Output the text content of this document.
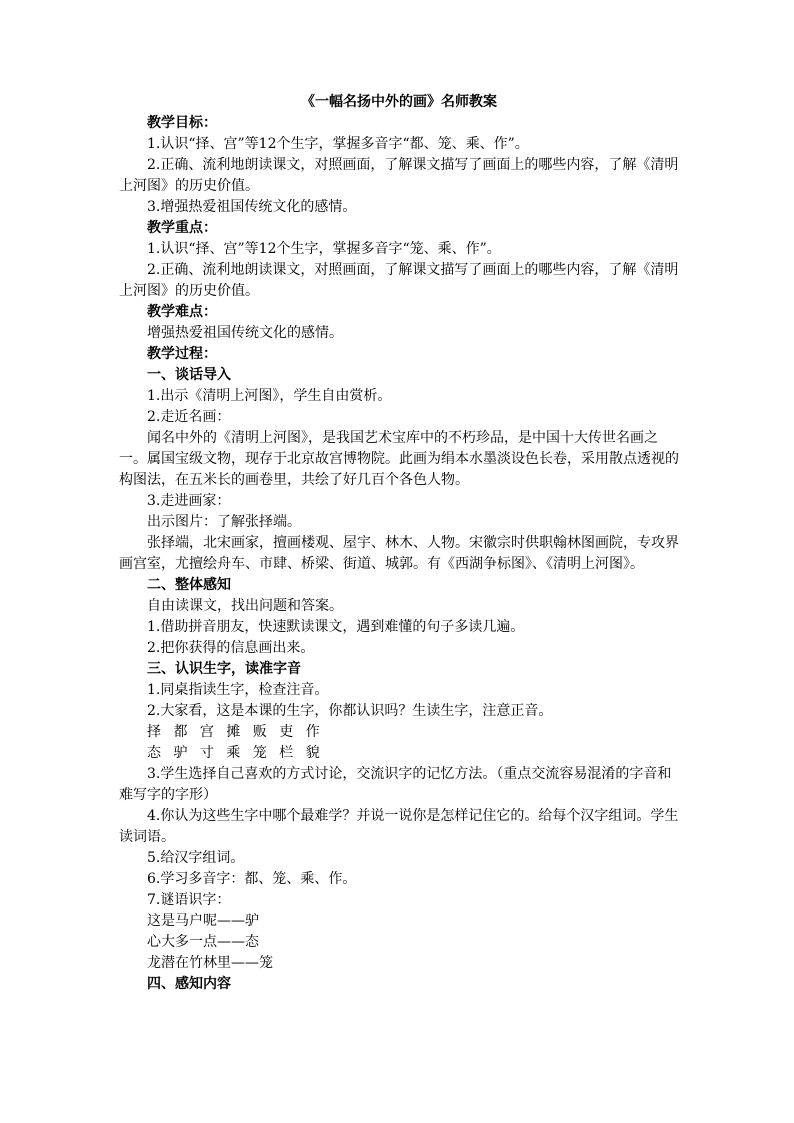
《一幅名扬中外的画》名师教案

教学目标：

1.认识“择、宫”等12个生字，掌握多音字“都、笼、乘、作”。

2.正确、流利地朗读课文，对照画面，了解课文描写了画面上的哪些内容，了解《清明上河图》的历史价值。

3.增强热爱祖国传统文化的感情。

教学重点：

1.认识“择、宫”等12个生字，掌握多音字“笼、乘、作”。

2.正确、流利地朗读课文，对照画面，了解课文描写了画面上的哪些内容，了解《清明上河图》的历史价值。

教学难点：

增强热爱祖国传统文化的感情。

教学过程：

一、谈话导入

1.出示《清明上河图》，学生自由赏析。

2.走近名画：

闻名中外的《清明上河图》，是我国艺术宝库中的不朽珍品，是中国十大传世名画之一。属国宝级文物，现存于北京故宫博物院。此画为绢本水墨淡设色长卷，采用散点透视的构图法，在五米长的画卷里，共绘了好几百个各色人物。

3.走进画家：

出示图片：了解张择端。

张择端，北宋画家，擅画楼观、屋宇、林木、人物。宋徽宗时供职翰林图画院，专攻界画宫室，尤擅绘舟车、市肆、桥梁、街道、城郭。有《西湖争标图》、《清明上河图》。

二、整体感知

自由读课文，找出问题和答案。

1.借助拼音朋友，快速默读课文，遇到难懂的句子多读几遍。

2.把你获得的信息画出来。

三、认识生字，读准字音

1.同桌指读生字，检查注音。

2.大家看，这是本课的生字，你都认识吗？生读生字，注意正音。

择 都 宫 摊 贩 吏 作

态 驴 寸 乘 笼 栏 貌

3.学生选择自己喜欢的方式讨论，交流识字的记忆方法。（重点交流容易混淆的字音和难写字的字形）

4.你认为这些生字中哪个最难学？并说一说你是怎样记住它的。给每个汉字组词。学生读词语。

5.给汉字组词。

6.学习多音字：都、笼、乘、作。

7.谜语识字：

这是马户呢——驴

心大多一点——态

龙潜在竹林里——笼

四、感知内容
